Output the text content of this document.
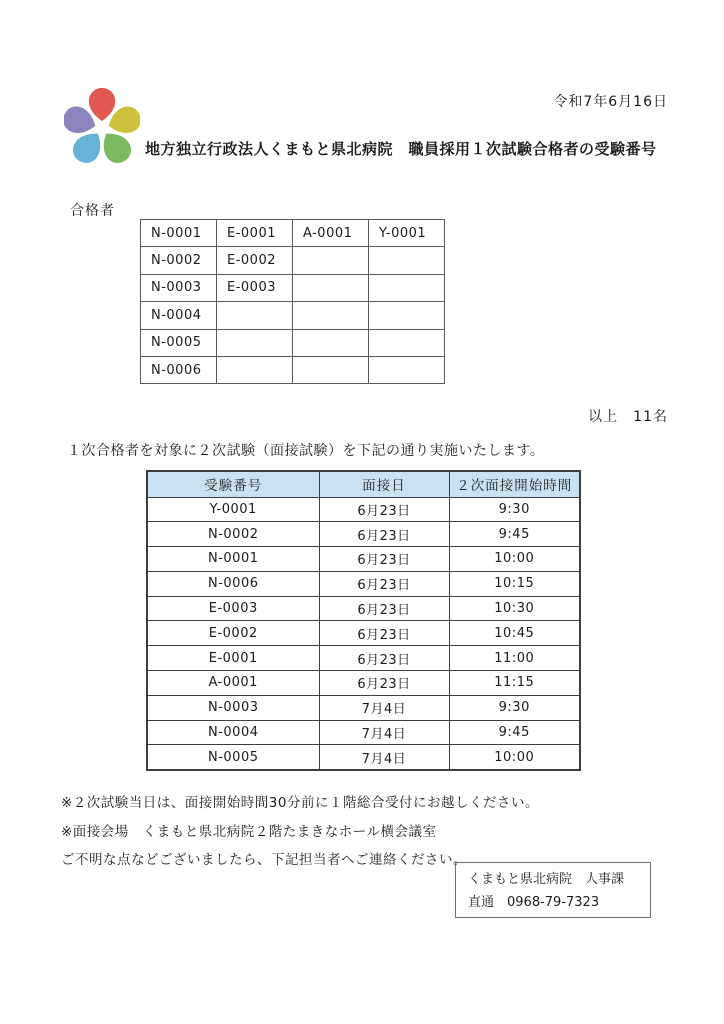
令和7年6月16日
地方独立行政法人くまもと県北病院　職員採用１次試験合格者の受験番号
合格者
N-0001	E-0001	A-0001	Y-0001
N-0002	E-0002		
N-0003	E-0003		
N-0004			
N-0005			
N-0006			
以上　11名
１次合格者を対象に２次試験（面接試験）を下記の通り実施いたします。
受験番号	面接日	２次面接開始時間
Y-0001	6月23日	9:30
N-0002	6月23日	9:45
N-0001	6月23日	10:00
N-0006	6月23日	10:15
E-0003	6月23日	10:30
E-0002	6月23日	10:45
E-0001	6月23日	11:00
A-0001	6月23日	11:15
N-0003	7月4日	9:30
N-0004	7月4日	9:45
N-0005	7月4日	10:00
※２次試験当日は、面接開始時間30分前に１階総合受付にお越しください。
※面接会場　くまもと県北病院２階たまきなホール横会議室
ご不明な点などございましたら、下記担当者へご連絡ください。
くまもと県北病院　人事課
直通　0968-79-7323
